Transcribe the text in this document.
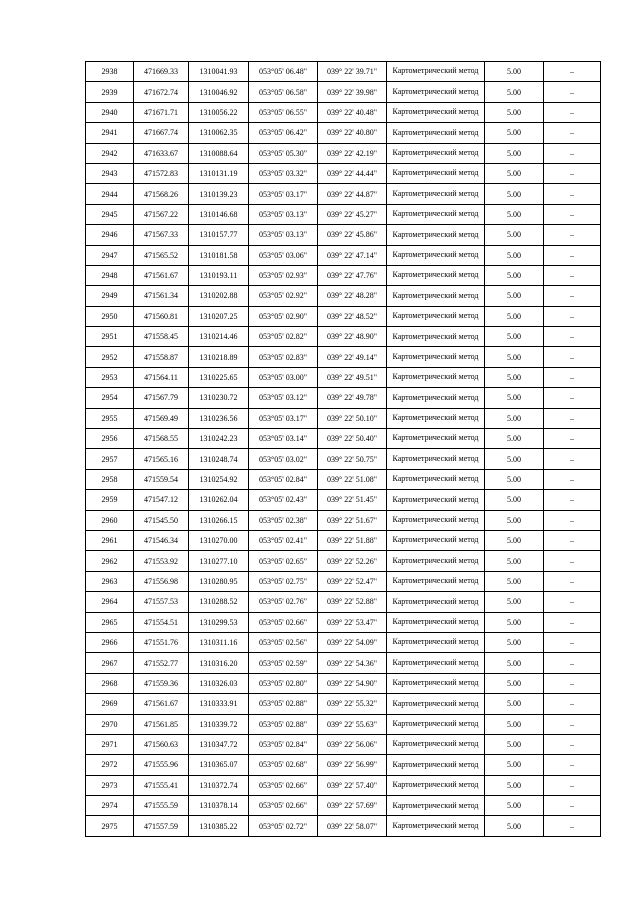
2938	471669.33	1310041.93	053°05' 06.48"	039° 22' 39.71"	Картометрический метод	5.00	–
2939	471672.74	1310046.92	053°05' 06.58"	039° 22' 39.98"	Картометрический метод	5.00	–
2940	471671.71	1310056.22	053°05' 06.55"	039° 22' 40.48"	Картометрический метод	5.00	–
2941	471667.74	1310062.35	053°05' 06.42"	039° 22' 40.80"	Картометрический метод	5.00	–
2942	471633.67	1310088.64	053°05' 05.30"	039° 22' 42.19"	Картометрический метод	5.00	–
2943	471572.83	1310131.19	053°05' 03.32"	039° 22' 44.44"	Картометрический метод	5.00	–
2944	471568.26	1310139.23	053°05' 03.17"	039° 22' 44.87"	Картометрический метод	5.00	–
2945	471567.22	1310146.68	053°05' 03.13"	039° 22' 45.27"	Картометрический метод	5.00	–
2946	471567.33	1310157.77	053°05' 03.13"	039° 22' 45.86"	Картометрический метод	5.00	–
2947	471565.52	1310181.58	053°05' 03.06"	039° 22' 47.14"	Картометрический метод	5.00	–
2948	471561.67	1310193.11	053°05' 02.93"	039° 22' 47.76"	Картометрический метод	5.00	–
2949	471561.34	1310202.88	053°05' 02.92"	039° 22' 48.28"	Картометрический метод	5.00	–
2950	471560.81	1310207.25	053°05' 02.90"	039° 22' 48.52"	Картометрический метод	5.00	–
2951	471558.45	1310214.46	053°05' 02.82"	039° 22' 48.90"	Картометрический метод	5.00	–
2952	471558.87	1310218.89	053°05' 02.83"	039° 22' 49.14"	Картометрический метод	5.00	–
2953	471564.11	1310225.65	053°05' 03.00"	039° 22' 49.51"	Картометрический метод	5.00	–
2954	471567.79	1310230.72	053°05' 03.12"	039° 22' 49.78"	Картометрический метод	5.00	–
2955	471569.49	1310236.56	053°05' 03.17"	039° 22' 50.10"	Картометрический метод	5.00	–
2956	471568.55	1310242.23	053°05' 03.14"	039° 22' 50.40"	Картометрический метод	5.00	–
2957	471565.16	1310248.74	053°05' 03.02"	039° 22' 50.75"	Картометрический метод	5.00	–
2958	471559.54	1310254.92	053°05' 02.84"	039° 22' 51.08"	Картометрический метод	5.00	–
2959	471547.12	1310262.04	053°05' 02.43"	039° 22' 51.45"	Картометрический метод	5.00	–
2960	471545.50	1310266.15	053°05' 02.38"	039° 22' 51.67"	Картометрический метод	5.00	–
2961	471546.34	1310270.00	053°05' 02.41"	039° 22' 51.88"	Картометрический метод	5.00	–
2962	471553.92	1310277.10	053°05' 02.65"	039° 22' 52.26"	Картометрический метод	5.00	–
2963	471556.98	1310280.95	053°05' 02.75"	039° 22' 52.47"	Картометрический метод	5.00	–
2964	471557.53	1310288.52	053°05' 02.76"	039° 22' 52.88"	Картометрический метод	5.00	–
2965	471554.51	1310299.53	053°05' 02.66"	039° 22' 53.47"	Картометрический метод	5.00	–
2966	471551.76	1310311.16	053°05' 02.56"	039° 22' 54.09"	Картометрический метод	5.00	–
2967	471552.77	1310316.20	053°05' 02.59"	039° 22' 54.36"	Картометрический метод	5.00	–
2968	471559.36	1310326.03	053°05' 02.80"	039° 22' 54.90"	Картометрический метод	5.00	–
2969	471561.67	1310333.91	053°05' 02.88"	039° 22' 55.32"	Картометрический метод	5.00	–
2970	471561.85	1310339.72	053°05' 02.88"	039° 22' 55.63"	Картометрический метод	5.00	–
2971	471560.63	1310347.72	053°05' 02.84"	039° 22' 56.06"	Картометрический метод	5.00	–
2972	471555.96	1310365.07	053°05' 02.68"	039° 22' 56.99"	Картометрический метод	5.00	–
2973	471555.41	1310372.74	053°05' 02.66"	039° 22' 57.40"	Картометрический метод	5.00	–
2974	471555.59	1310378.14	053°05' 02.66"	039° 22' 57.69"	Картометрический метод	5.00	–
2975	471557.59	1310385.22	053°05' 02.72"	039° 22' 58.07"	Картометрический метод	5.00	–
